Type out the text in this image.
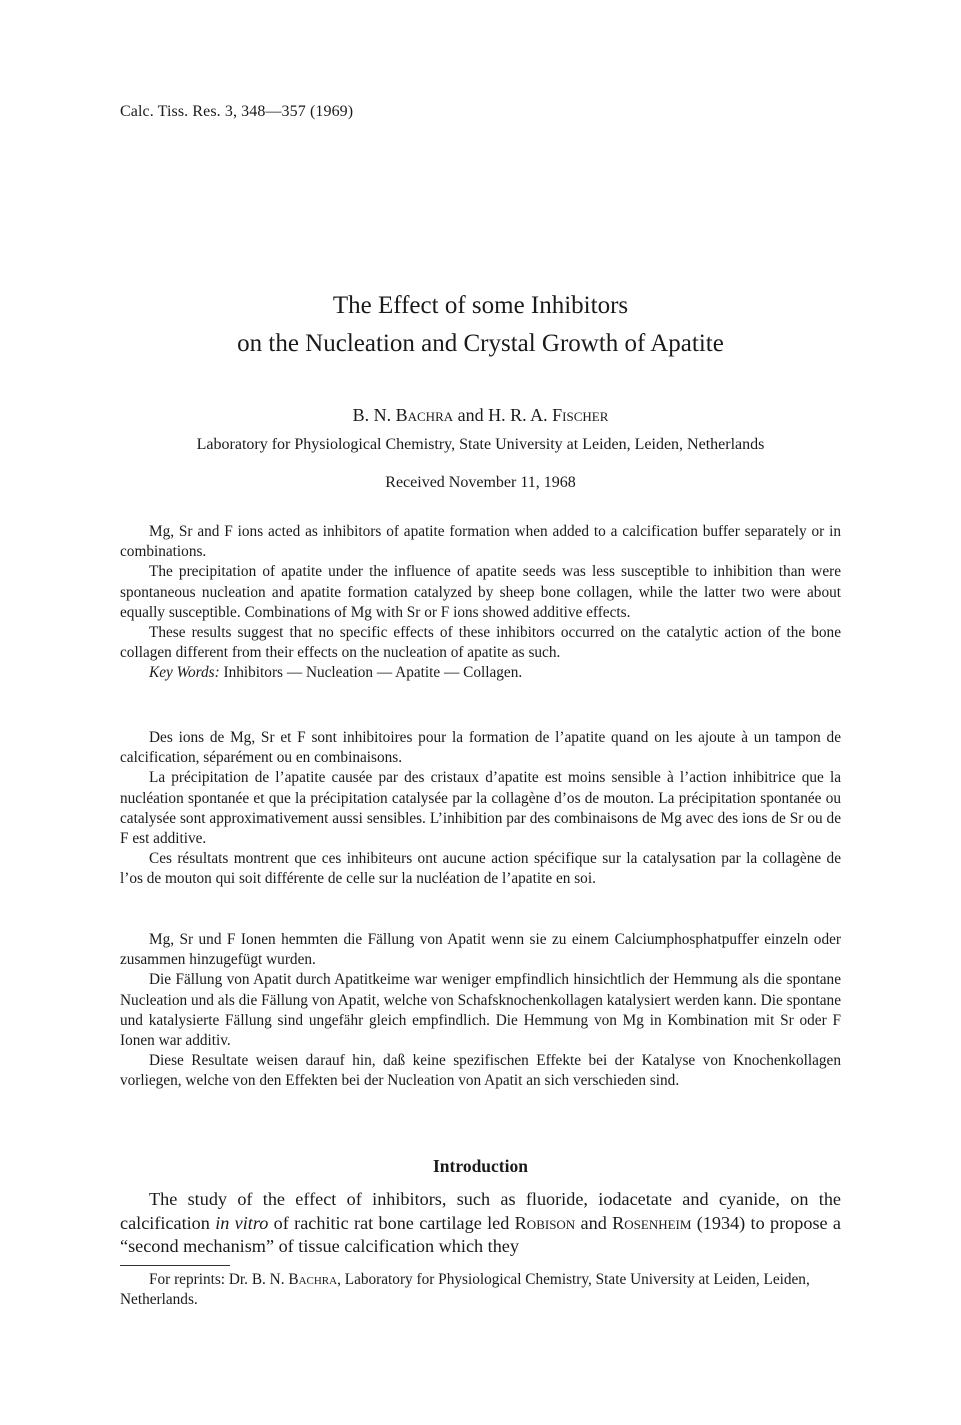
Calc. Tiss. Res. 3, 348—357 (1969)
The Effect of some Inhibitors
on the Nucleation and Crystal Growth of Apatite
B. N. Bachra and H. R. A. Fischer
Laboratory for Physiological Chemistry, State University at Leiden, Leiden, Netherlands
Received November 11, 1968

Mg, Sr and F ions acted as inhibitors of apatite formation when added to a calcification buffer separately or in combinations.

The precipitation of apatite under the influence of apatite seeds was less susceptible to inhibition than were spontaneous nucleation and apatite formation catalyzed by sheep bone collagen, while the latter two were about equally susceptible. Combinations of Mg with Sr or F ions showed additive effects.

These results suggest that no specific effects of these inhibitors occurred on the catalytic action of the bone collagen different from their effects on the nucleation of apatite as such.

Key Words: Inhibitors — Nucleation — Apatite — Collagen.

Des ions de Mg, Sr et F sont inhibitoires pour la formation de l’apatite quand on les ajoute à un tampon de calcification, séparément ou en combinaisons.

La précipitation de l’apatite causée par des cristaux d’apatite est moins sensible à l’action inhibitrice que la nucléation spontanée et que la précipitation catalysée par la collagène d’os de mouton. La précipitation spontanée ou catalysée sont approximativement aussi sensibles. L’inhibition par des combinaisons de Mg avec des ions de Sr ou de F est additive.

Ces résultats montrent que ces inhibiteurs ont aucune action spécifique sur la catalysation par la collagène de l’os de mouton qui soit différente de celle sur la nucléation de l’apatite en soi.

Mg, Sr und F Ionen hemmten die Fällung von Apatit wenn sie zu einem Calciumphosphatpuffer einzeln oder zusammen hinzugefügt wurden.

Die Fällung von Apatit durch Apatitkeime war weniger empfindlich hinsichtlich der Hemmung als die spontane Nucleation und als die Fällung von Apatit, welche von Schafsknochenkollagen katalysiert werden kann. Die spontane und katalysierte Fällung sind ungefähr gleich empfindlich. Die Hemmung von Mg in Kombination mit Sr oder F Ionen war additiv.

Diese Resultate weisen darauf hin, daß keine spezifischen Effekte bei der Katalyse von Knochenkollagen vorliegen, welche von den Effekten bei der Nucleation von Apatit an sich verschieden sind.

Introduction

The study of the effect of inhibitors, such as fluoride, iodacetate and cyanide, on the calcification in vitro of rachitic rat bone cartilage led Robison and Rosenheim (1934) to propose a “second mechanism” of tissue calcification which they

For reprints: Dr. B. N. Bachra, Laboratory for Physiological Chemistry, State University at Leiden, Leiden, Netherlands.
